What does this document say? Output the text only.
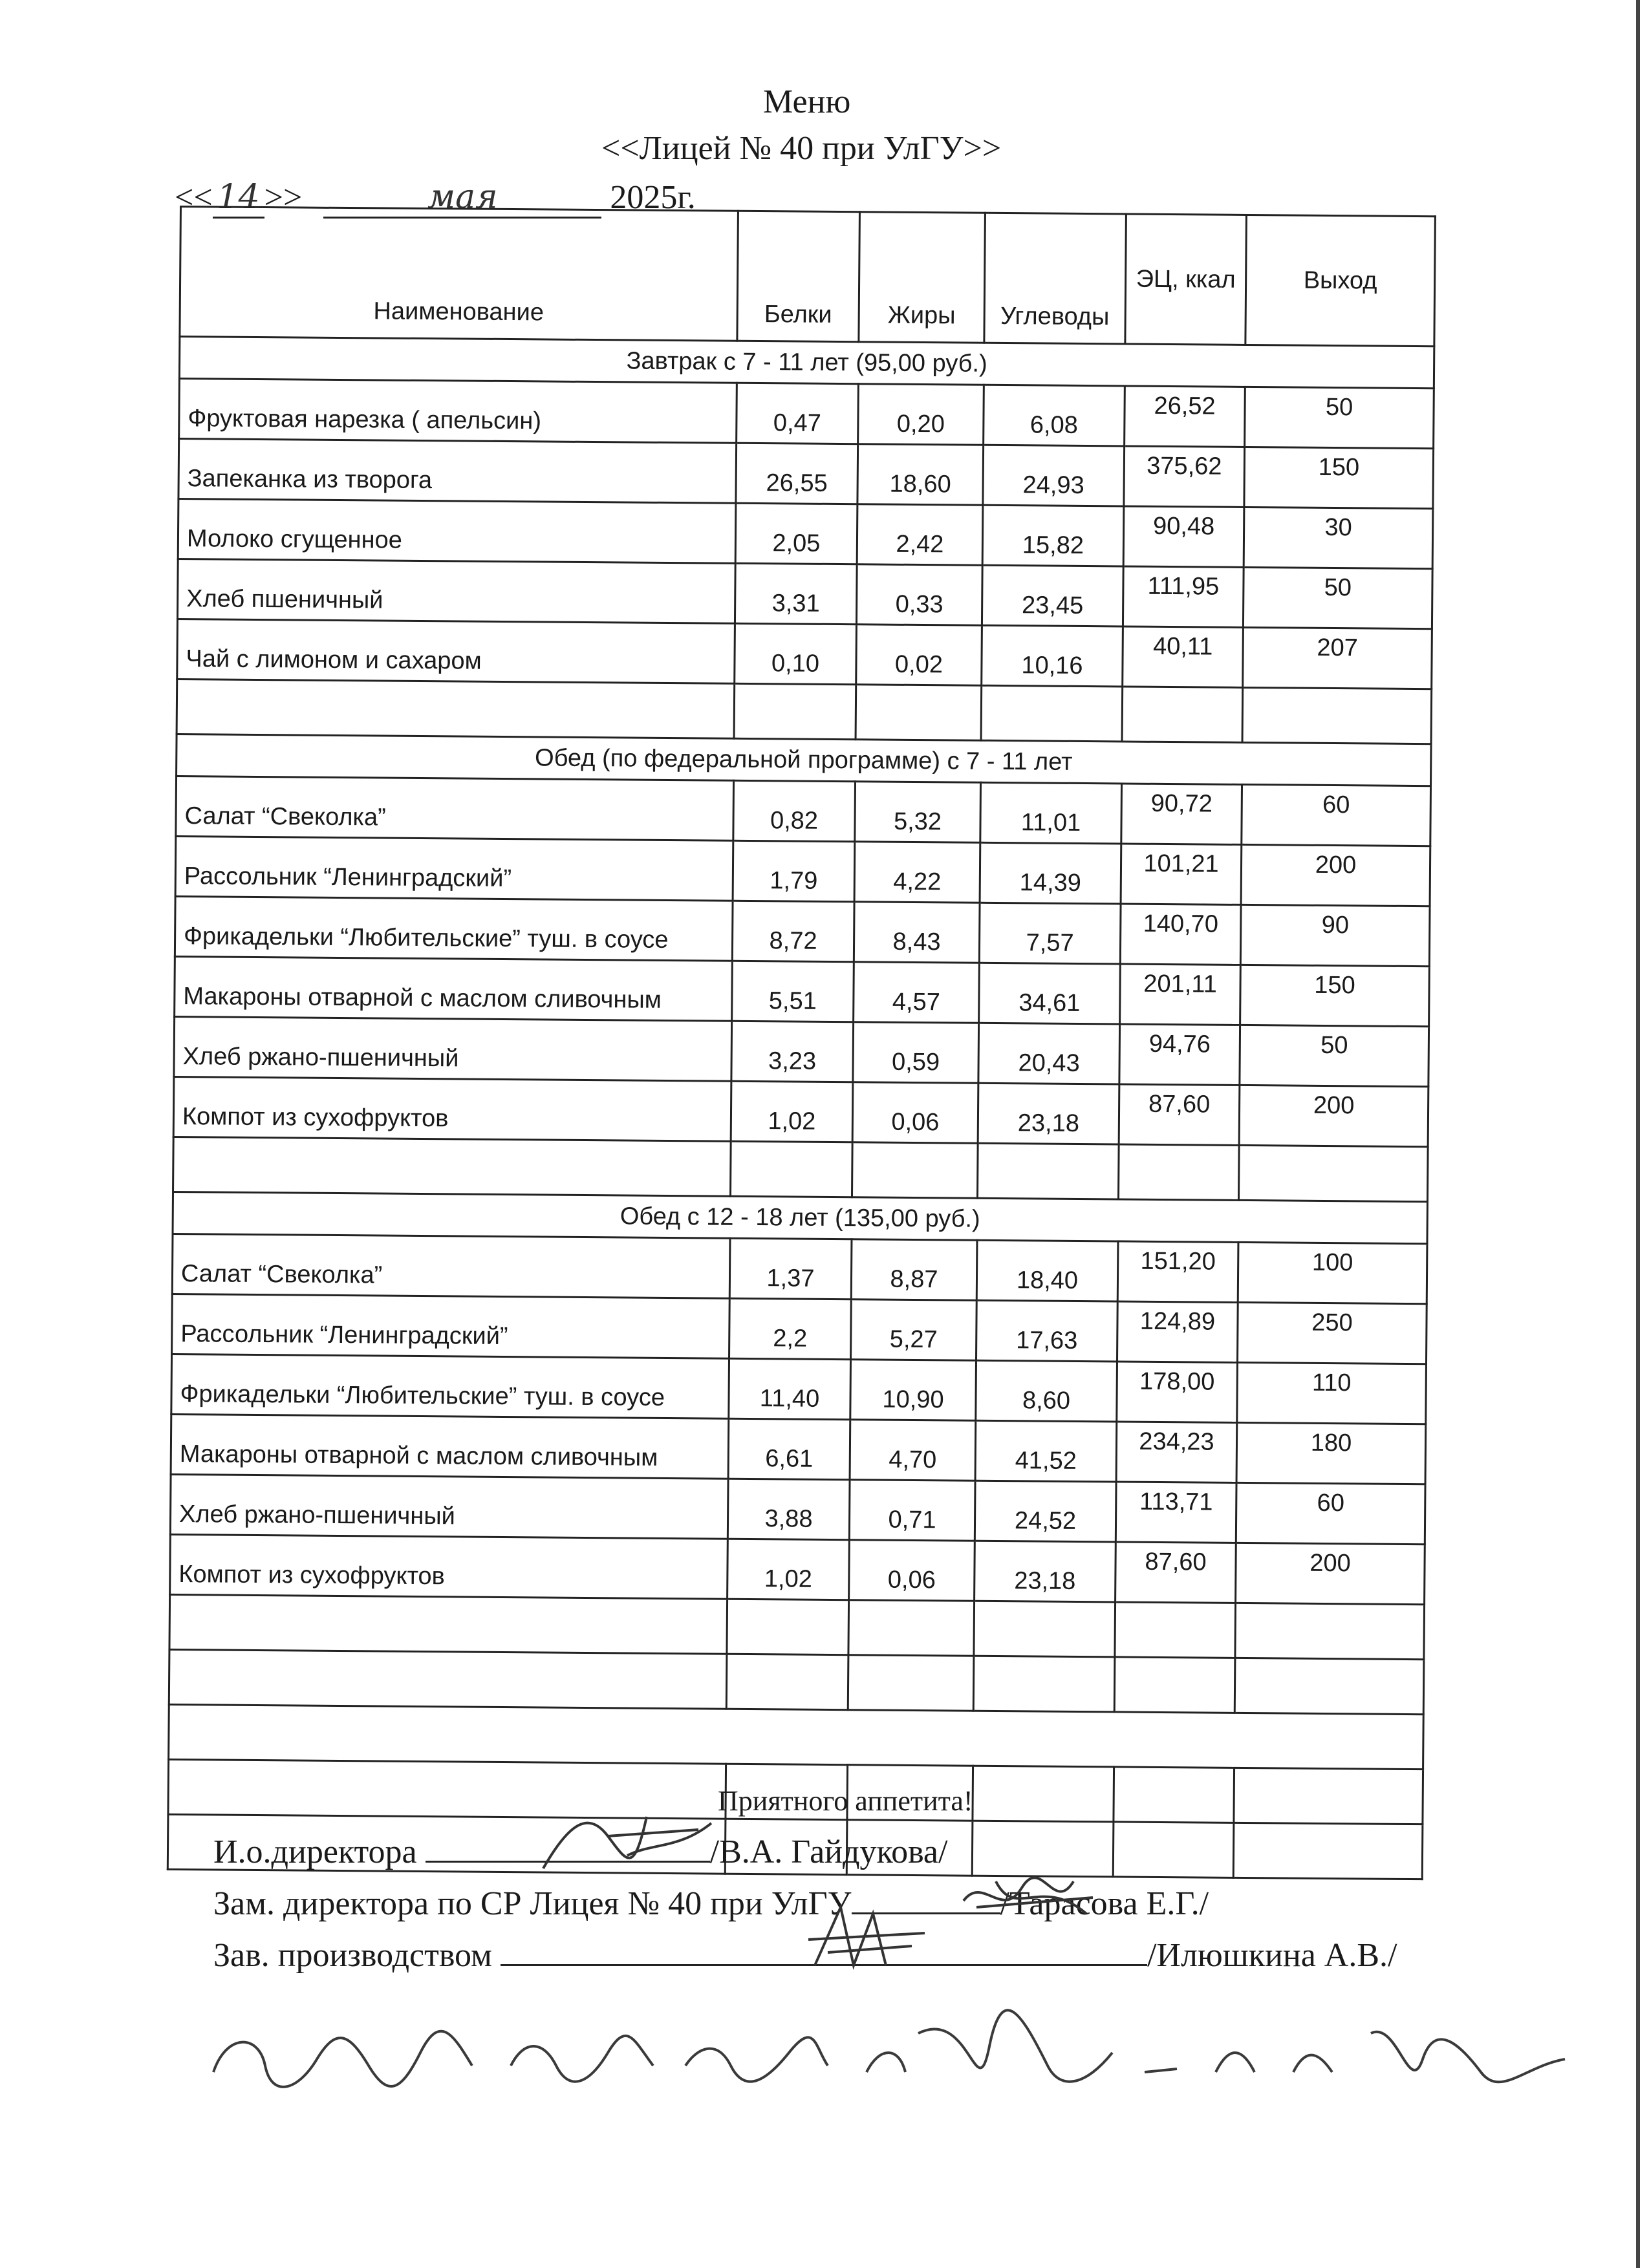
Меню
<<Лицей № 40 при УлГУ>>
<< 14 >>	мая	2025г.
Наименование	Белки	Жиры	Углеводы	ЭЦ, ккал	Выход
Завтрак с 7 - 11 лет (95,00 руб.)					
Фруктовая нарезка ( апельсин)	0,47	0,20	6,08	26,52	50
Запеканка из творога	26,55	18,60	24,93	375,62	150
Молоко сгущенное	2,05	2,42	15,82	90,48	30
Хлеб пшеничный	3,31	0,33	23,45	111,95	50
Чай с лимоном и сахаром	0,10	0,02	10,16	40,11	207

Обед (по федеральной программе) с 7 - 11 лет					
Салат “Свеколка”	0,82	5,32	11,01	90,72	60
Рассольник “Ленинградский”	1,79	4,22	14,39	101,21	200
Фрикадельки “Любительские” туш. в соусе	8,72	8,43	7,57	140,70	90
Макароны отварной с маслом сливочным	5,51	4,57	34,61	201,11	150
Хлеб ржано-пшеничный	3,23	0,59	20,43	94,76	50
Компот из сухофруктов	1,02	0,06	23,18	87,60	200

Обед с 12 - 18 лет (135,00 руб.)					
Салат “Свеколка”	1,37	8,87	18,40	151,20	100
Рассольник “Ленинградский”	2,2	5,27	17,63	124,89	250
Фрикадельки “Любительские” туш. в соусе	11,40	10,90	8,60	178,00	110
Макароны отварной с маслом сливочным	6,61	4,70	41,52	234,23	180
Хлеб ржано-пшеничный	3,88	0,71	24,52	113,71	60
Компот из сухофруктов	1,02	0,06	23,18	87,60	200

Приятного аппетита!
И.о.директора	/В.А. Гайдукова/
Зам. директора по СР Лицея № 40 при УлГУ	/Тарасова Е.Г./
Зав. производством	/Илюшкина А.В./
